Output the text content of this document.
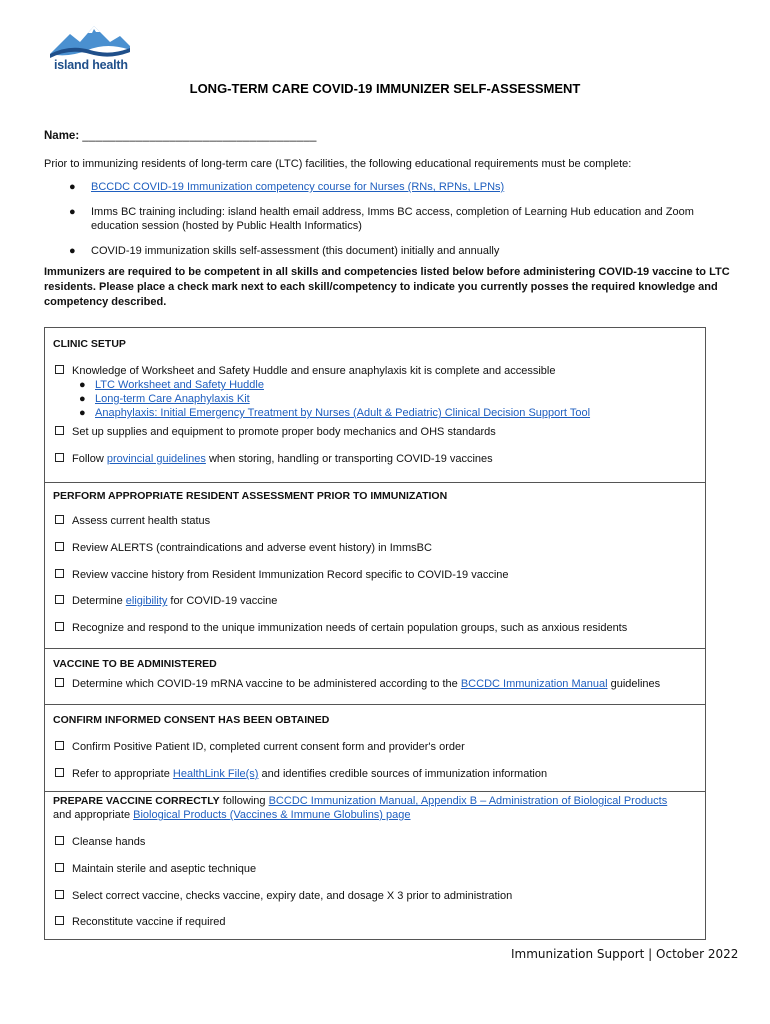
island health
LONG-TERM CARE COVID-19 IMMUNIZER SELF-ASSESSMENT
Name: ___________________________________
Prior to immunizing residents of long-term care (LTC) facilities, the following educational requirements must be complete:
● BCCDC COVID-19 Immunization competency course for Nurses (RNs, RPNs, LPNs)
● Imms BC training including: island health email address, Imms BC access, completion of Learning Hub education and Zoom education session (hosted by Public Health Informatics)
● COVID-19 immunization skills self-assessment (this document) initially and annually
Immunizers are required to be competent in all skills and competencies listed below before administering COVID-19 vaccine to LTC residents. Please place a check mark next to each skill/competency to indicate you currently posses the required knowledge and competency described.
CLINIC SETUP
Knowledge of Worksheet and Safety Huddle and ensure anaphylaxis kit is complete and accessible
● LTC Worksheet and Safety Huddle
● Long-term Care Anaphylaxis Kit
● Anaphylaxis: Initial Emergency Treatment by Nurses (Adult & Pediatric) Clinical Decision Support Tool
Set up supplies and equipment to promote proper body mechanics and OHS standards
Follow provincial guidelines when storing, handling or transporting COVID-19 vaccines
PERFORM APPROPRIATE RESIDENT ASSESSMENT PRIOR TO IMMUNIZATION
Assess current health status
Review ALERTS (contraindications and adverse event history) in ImmsBC
Review vaccine history from Resident Immunization Record specific to COVID-19 vaccine
Determine eligibility for COVID-19 vaccine
Recognize and respond to the unique immunization needs of certain population groups, such as anxious residents
VACCINE TO BE ADMINISTERED
Determine which COVID-19 mRNA vaccine to be administered according to the BCCDC Immunization Manual guidelines
CONFIRM INFORMED CONSENT HAS BEEN OBTAINED
Confirm Positive Patient ID, completed current consent form and provider's order
Refer to appropriate HealthLink File(s) and identifies credible sources of immunization information
PREPARE VACCINE CORRECTLY following BCCDC Immunization Manual, Appendix B – Administration of Biological Products
and appropriate Biological Products (Vaccines & Immune Globulins) page
Cleanse hands
Maintain sterile and aseptic technique
Select correct vaccine, checks vaccine, expiry date, and dosage X 3 prior to administration
Reconstitute vaccine if required
Immunization Support | October 2022
